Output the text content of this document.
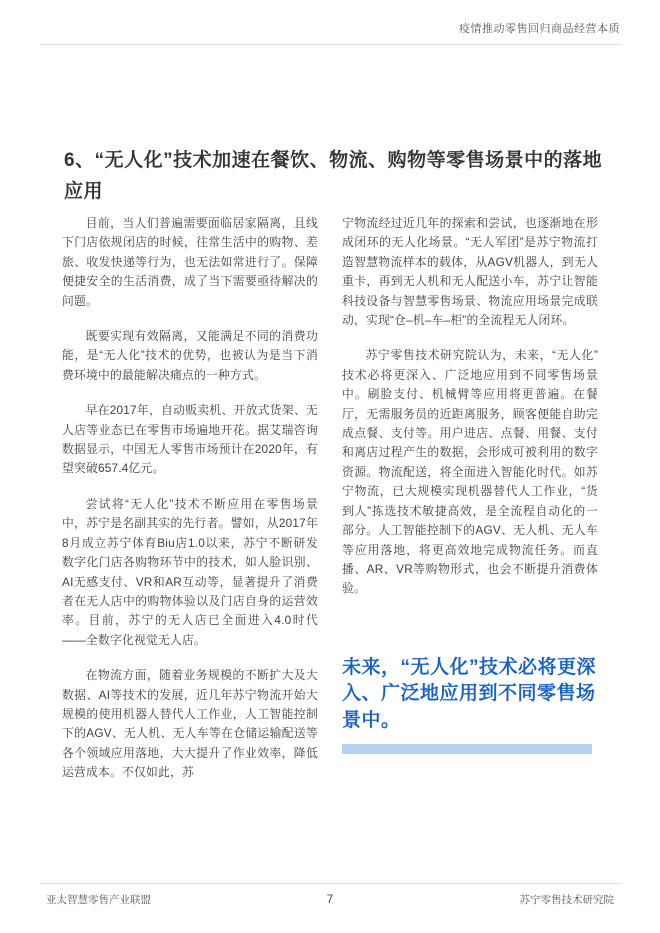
疫情推动零售回归商品经营本质
6、“无人化”技术加速在餐饮、物流、购物等零售场景中的落地应用

目前，当人们普遍需要面临居家隔离，且线下门店依规闭店的时候，往常生活中的购物、差旅、收发快递等行为，也无法如常进行了。保障便捷安全的生活消费，成了当下需要亟待解决的问题。

既要实现有效隔离，又能满足不同的消费功能，是“无人化”技术的优势，也被认为是当下消费环境中的最能解决痛点的一种方式。

早在2017年，自动贩卖机、开放式货架、无人店等业态已在零售市场遍地开花。据艾瑞咨询数据显示，中国无人零售市场预计在2020年，有望突破657.4亿元。

尝试将“无人化”技术不断应用在零售场景中，苏宁是名副其实的先行者。譬如，从2017年8月成立苏宁体育Biu店1.0以来，苏宁不断研发数字化门店各购物环节中的技术，如人脸识别、AI无感支付、VR和AR互动等，显著提升了消费者在无人店中的购物体验以及门店自身的运营效率。目前，苏宁的无人店已全面进入4.0时代——全数字化视觉无人店。

在物流方面，随着业务规模的不断扩大及大数据、AI等技术的发展，近几年苏宁物流开始大规模的使用机器人替代人工作业，人工智能控制下的AGV、无人机、无人车等在仓储运输配送等各个领域应用落地，大大提升了作业效率，降低运营成本。不仅如此，苏

宁物流经过近几年的探索和尝试，也逐渐地在形成闭环的无人化场景。“无人军团”是苏宁物流打造智慧物流样本的载体，从AGV机器人，到无人重卡，再到无人机和无人配送小车，苏宁让智能科技设备与智慧零售场景、物流应用场景完成联动，实现“仓–机–车–柜”的全流程无人闭环。

苏宁零售技术研究院认为，未来，“无人化”技术必将更深入、广泛地应用到不同零售场景中。刷脸支付、机械臂等应用将更普遍。在餐厅，无需服务员的近距离服务，顾客便能自助完成点餐、支付等。用户进店、点餐、用餐、支付和离店过程产生的数据，会形成可被利用的数字资源。物流配送，将全面进入智能化时代。如苏宁物流，已大规模实现机器替代人工作业，“货到人”拣选技术敏捷高效，是全流程自动化的一部分。人工智能控制下的AGV、无人机、无人车等应用落地，将更高效地完成物流任务。而直播、AR、VR等购物形式，也会不断提升消费体验。

未来，“无人化”技术必将更深入、广泛地应用到不同零售场景中。
7
亚太智慧零售产业联盟	苏宁零售技术研究院
